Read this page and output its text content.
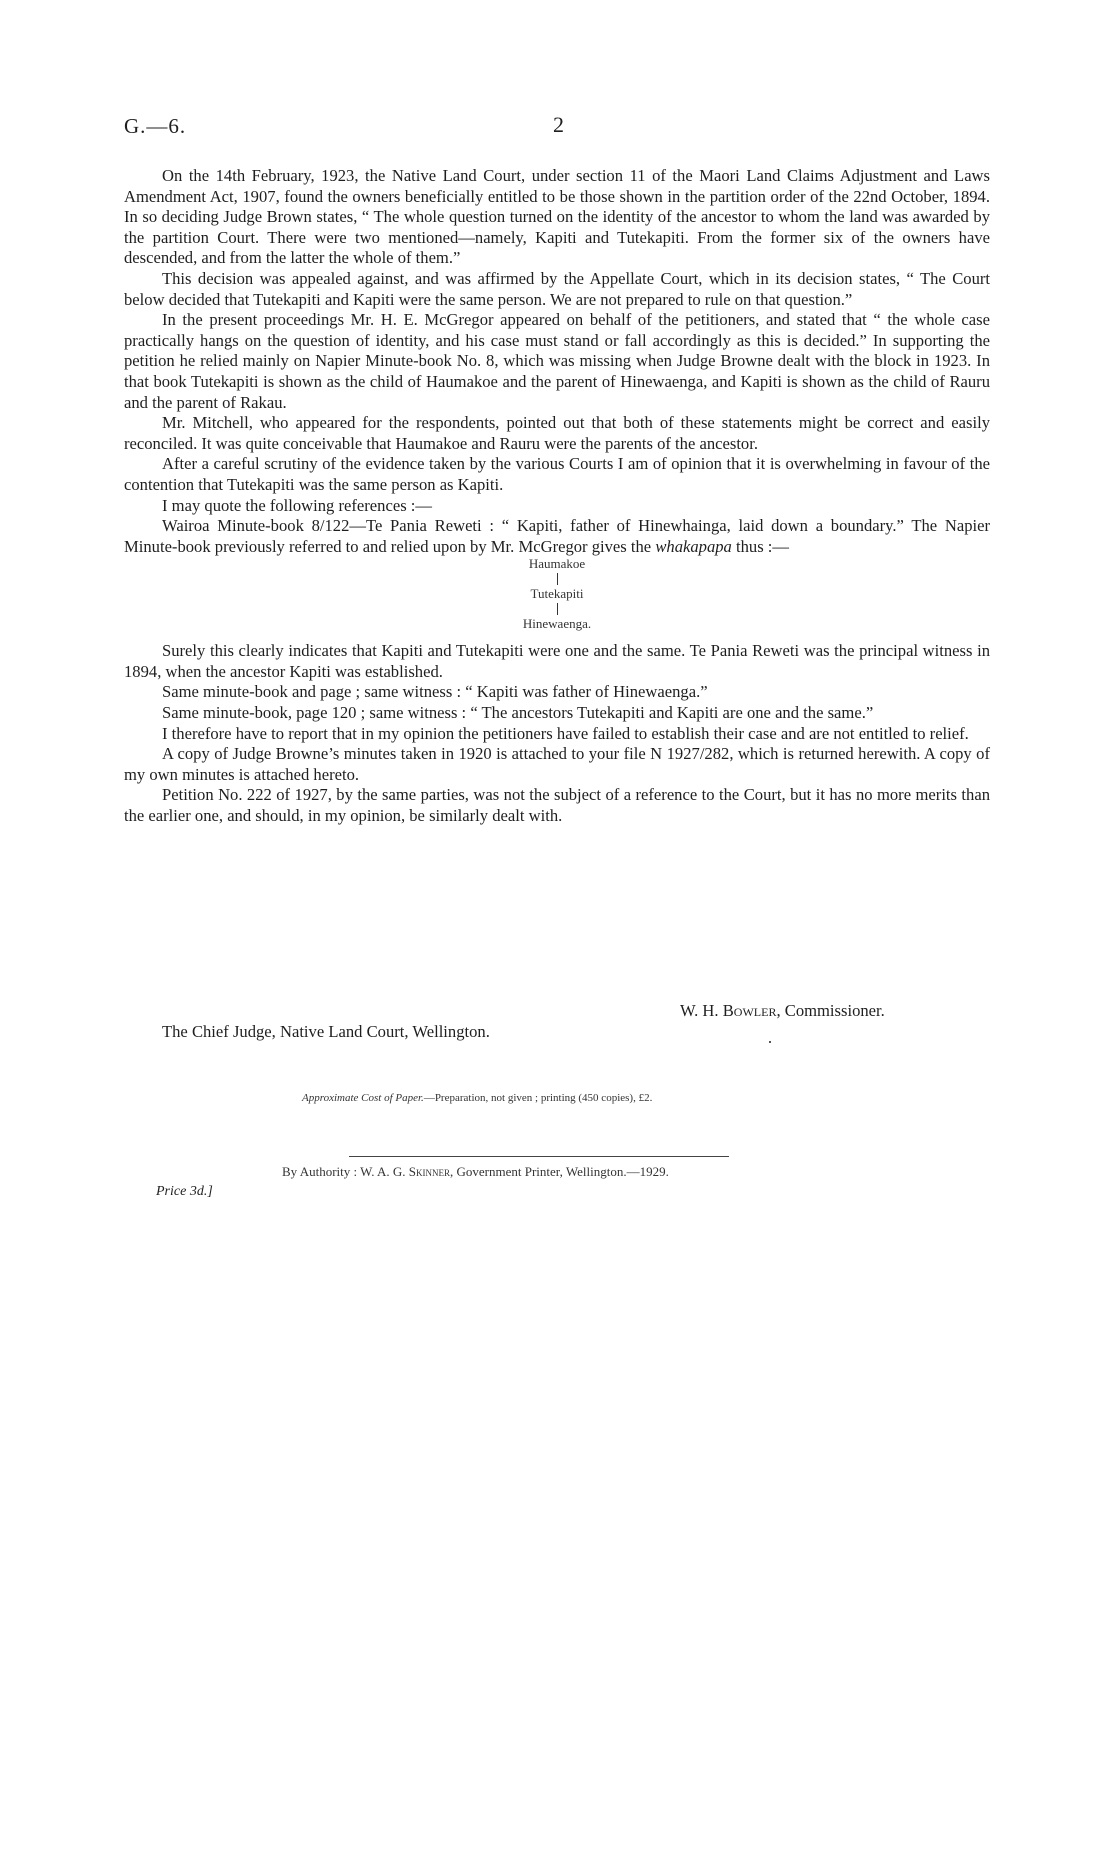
G.—6.	2

On the 14th February, 1923, the Native Land Court, under section 11 of the Maori Land Claims Adjustment and Laws Amendment Act, 1907, found the owners beneficially entitled to be those shown in the partition order of the 22nd October, 1894. In so deciding Judge Brown states, “ The whole question turned on the identity of the ancestor to whom the land was awarded by the partition Court. There were two mentioned—namely, Kapiti and Tutekapiti. From the former six of the owners have descended, and from the latter the whole of them.”

This decision was appealed against, and was affirmed by the Appellate Court, which in its decision states, “ The Court below decided that Tutekapiti and Kapiti were the same person. We are not prepared to rule on that question.”

In the present proceedings Mr. H. E. McGregor appeared on behalf of the petitioners, and stated that “ the whole case practically hangs on the question of identity, and his case must stand or fall accordingly as this is decided.” In supporting the petition he relied mainly on Napier Minute-book No. 8, which was missing when Judge Browne dealt with the block in 1923. In that book Tutekapiti is shown as the child of Haumakoe and the parent of Hinewaenga, and Kapiti is shown as the child of Rauru and the parent of Rakau.

Mr. Mitchell, who appeared for the respondents, pointed out that both of these statements might be correct and easily reconciled. It was quite conceivable that Haumakoe and Rauru were the parents of the ancestor.

After a careful scrutiny of the evidence taken by the various Courts I am of opinion that it is overwhelming in favour of the contention that Tutekapiti was the same person as Kapiti.

I may quote the following references :—

Wairoa Minute-book 8/122—Te Pania Reweti : “ Kapiti, father of Hinewhainga, laid down a boundary.” The Napier Minute-book previously referred to and relied upon by Mr. McGregor gives the whakapapa thus :—

Haumakoe
Tutekapiti
Hinewaenga.

Surely this clearly indicates that Kapiti and Tutekapiti were one and the same. Te Pania Reweti was the principal witness in 1894, when the ancestor Kapiti was established.

Same minute-book and page ; same witness : “ Kapiti was father of Hinewaenga.”

Same minute-book, page 120 ; same witness : “ The ancestors Tutekapiti and Kapiti are one and the same.”

I therefore have to report that in my opinion the petitioners have failed to establish their case and are not entitled to relief.

A copy of Judge Browne’s minutes taken in 1920 is attached to your file N 1927/282, which is returned herewith. A copy of my own minutes is attached hereto.

Petition No. 222 of 1927, by the same parties, was not the subject of a reference to the Court, but it has no more merits than the earlier one, and should, in my opinion, be similarly dealt with.

W. H. Bowler, Commissioner.
The Chief Judge, Native Land Court, Wellington.
Approximate Cost of Paper.—Preparation, not given ; printing (450 copies), £2.
By Authority : W. A. G. Skinner, Government Printer, Wellington.—1929.
Price 3d.]
